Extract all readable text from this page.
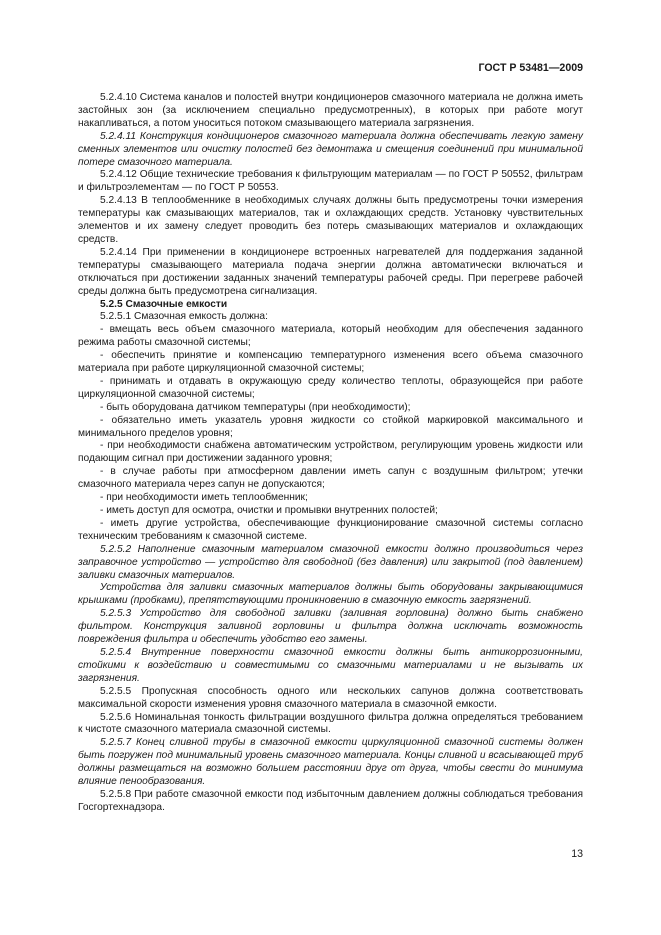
ГОСТ Р 53481—2009

5.2.4.10 Система каналов и полостей внутри кондиционеров смазочного материала не должна иметь застойных зон (за исключением специально предусмотренных), в которых при работе могут накапливаться, а потом уноситься потоком смазывающего материала загрязнения.

5.2.4.11 Конструкция кондиционеров смазочного материала должна обеспечивать легкую замену сменных элементов или очистку полостей без демонтажа и смещения соединений при минимальной потере смазочного материала.

5.2.4.12 Общие технические требования к фильтрующим материалам — по ГОСТ Р 50552, фильтрам и фильтроэлементам — по ГОСТ Р 50553.

5.2.4.13 В теплообменнике в необходимых случаях должны быть предусмотрены точки измерения температуры как смазывающих материалов, так и охлаждающих средств. Установку чувствительных элементов и их замену следует проводить без потерь смазывающих материалов и охлаждающих средств.

5.2.4.14 При применении в кондиционере встроенных нагревателей для поддержания заданной температуры смазывающего материала подача энергии должна автоматически включаться и отключаться при достижении заданных значений температуры рабочей среды. При перегреве рабочей среды должна быть предусмотрена сигнализация.

5.2.5 Смазочные емкости

5.2.5.1 Смазочная емкость должна:

- вмещать весь объем смазочного материала, который необходим для обеспечения заданного режима работы смазочной системы;

- обеспечить принятие и компенсацию температурного изменения всего объема смазочного материала при работе циркуляционной смазочной системы;

- принимать и отдавать в окружающую среду количество теплоты, образующейся при работе циркуляционной смазочной системы;

- быть оборудована датчиком температуры (при необходимости);

- обязательно иметь указатель уровня жидкости со стойкой маркировкой максимального и минимального пределов уровня;

- при необходимости снабжена автоматическим устройством, регулирующим уровень жидкости или подающим сигнал при достижении заданного уровня;

- в случае работы при атмосферном давлении иметь сапун с воздушным фильтром; утечки смазочного материала через сапун не допускаются;

- при необходимости иметь теплообменник;

- иметь доступ для осмотра, очистки и промывки внутренних полостей;

- иметь другие устройства, обеспечивающие функционирование смазочной системы согласно техническим требованиям к смазочной системе.

5.2.5.2 Наполнение смазочным материалом смазочной емкости должно производиться через заправочное устройство — устройство для свободной (без давления) или закрытой (под давлением) заливки смазочных материалов.

Устройства для заливки смазочных материалов должны быть оборудованы закрывающимися крышками (пробками), препятствующими проникновению в смазочную емкость загрязнений.

5.2.5.3 Устройство для свободной заливки (заливная горловина) должно быть снабжено фильтром. Конструкция заливной горловины и фильтра должна исключать возможность повреждения фильтра и обеспечить удобство его замены.

5.2.5.4 Внутренние поверхности смазочной емкости должны быть антикоррозионными, стойкими к воздействию и совместимыми со смазочными материалами и не вызывать их загрязнения.

5.2.5.5 Пропускная способность одного или нескольких сапунов должна соответствовать максимальной скорости изменения уровня смазочного материала в смазочной емкости.

5.2.5.6 Номинальная тонкость фильтрации воздушного фильтра должна определяться требованием к чистоте смазочного материала смазочной системы.

5.2.5.7 Конец сливной трубы в смазочной емкости циркуляционной смазочной системы должен быть погружен под минимальный уровень смазочного материала. Концы сливной и всасывающей труб должны размещаться на возможно большем расстоянии друг от друга, чтобы свести до минимума влияние пенообразования.

5.2.5.8 При работе смазочной емкости под избыточным давлением должны соблюдаться требования Госгортехнадзора.

13
